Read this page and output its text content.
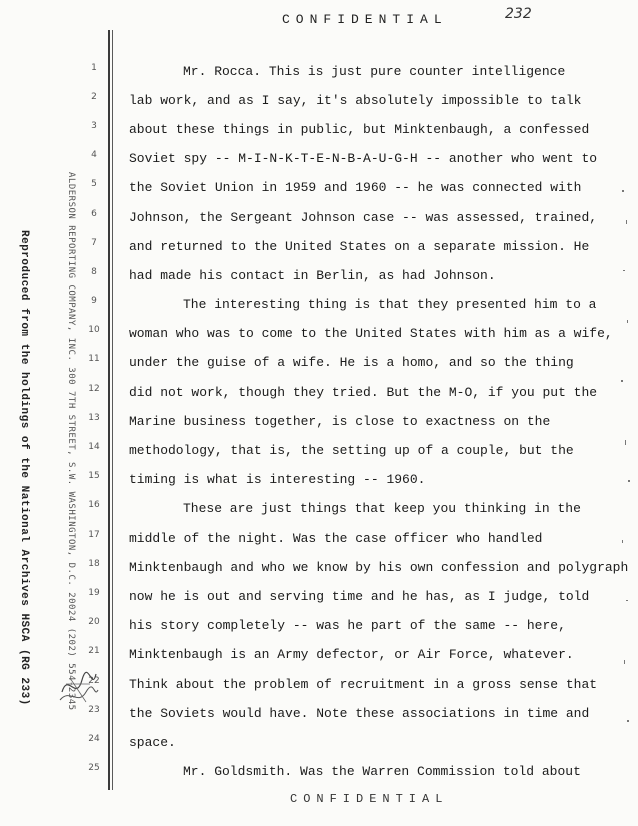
CONFIDENTIAL	232
Reproduced from the holdings of the National Archives HSCA (RG 233)	ALDERSON REPORTING COMPANY, INC. 300 7TH STREET, S.W. WASHINGTON, D.C. 20024 (202) 554-2345
1
2
3
4
5
6
7
8
9
10
11
12
13
14
15
16
17
18
19
20
21
22
23
24
25
Mr. Rocca. This is just pure counter intelligence
lab work, and as I say, it's absolutely impossible to talk
about these things in public, but Minktenbaugh, a confessed
Soviet spy -- M-I-N-K-T-E-N-B-A-U-G-H -- another who went to
the Soviet Union in 1959 and 1960 -- he was connected with
Johnson, the Sergeant Johnson case -- was assessed, trained,
and returned to the United States on a separate mission. He
had made his contact in Berlin, as had Johnson.
The interesting thing is that they presented him to a
woman who was to come to the United States with him as a wife,
under the guise of a wife. He is a homo, and so the thing
did not work, though they tried. But the M-O, if you put the
Marine business together, is close to exactness on the
methodology, that is, the setting up of a couple, but the
timing is what is interesting -- 1960.
These are just things that keep you thinking in the
middle of the night. Was the case officer who handled
Minktenbaugh and who we know by his own confession and polygraph
now he is out and serving time and he has, as I judge, told
his story completely -- was he part of the same -- here,
Minktenbaugh is an Army defector, or Air Force, whatever.
Think about the problem of recruitment in a gross sense that
the Soviets would have. Note these associations in time and
space.
Mr. Goldsmith. Was the Warren Commission told about
CONFIDENTIAL
